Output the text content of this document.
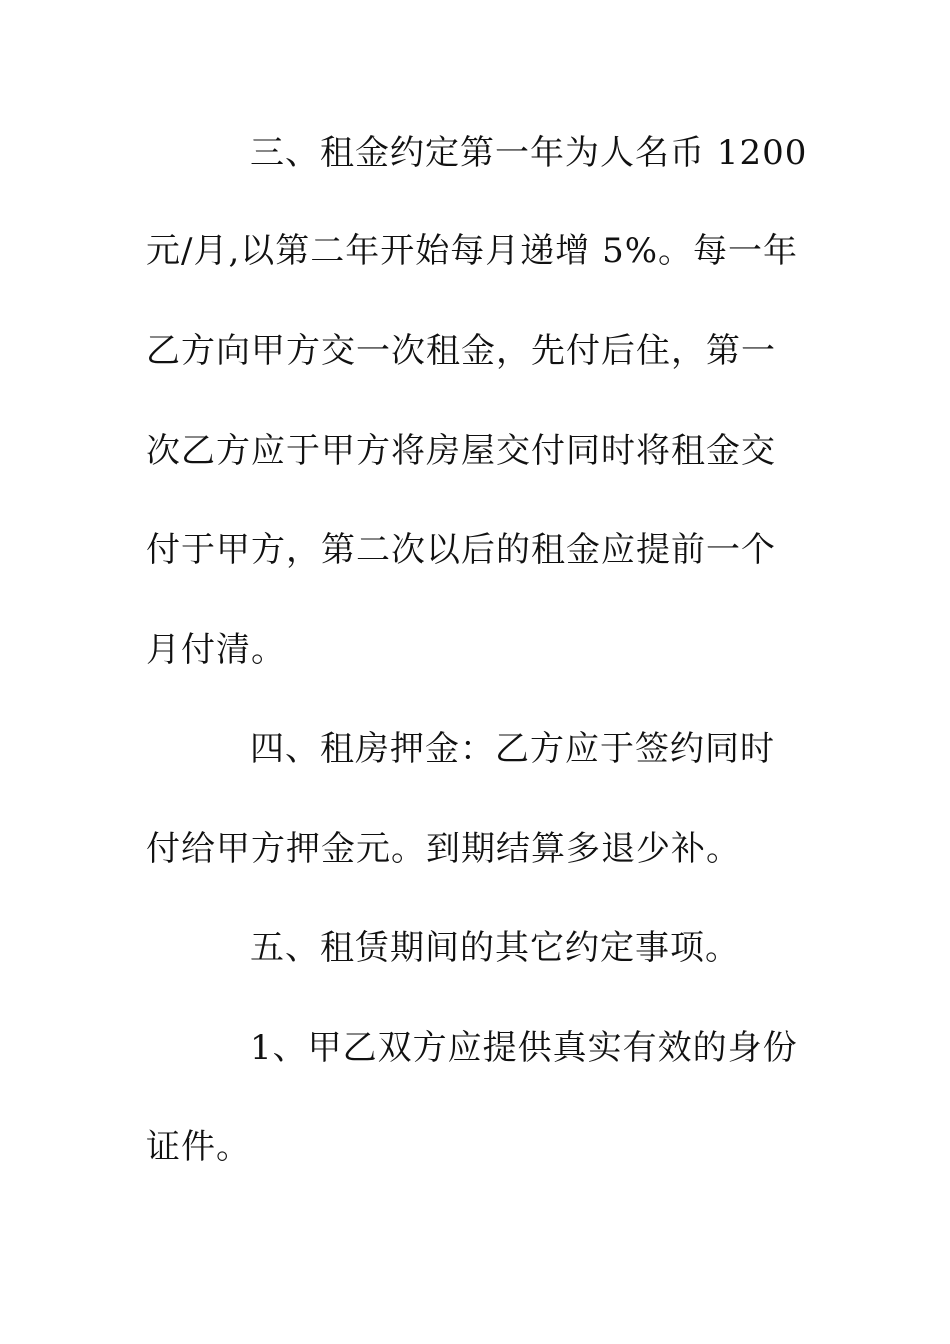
三、租金约定第一年为人名币 1200
元/月,以第二年开始每月递增 5%。每一年
乙方向甲方交一次租金，先付后住，第一
次乙方应于甲方将房屋交付同时将租金交
付于甲方，第二次以后的租金应提前一个
月付清。
四、租房押金：乙方应于签约同时
付给甲方押金元。到期结算多退少补。
五、租赁期间的其它约定事项。
1、甲乙双方应提供真实有效的身份
证件。
